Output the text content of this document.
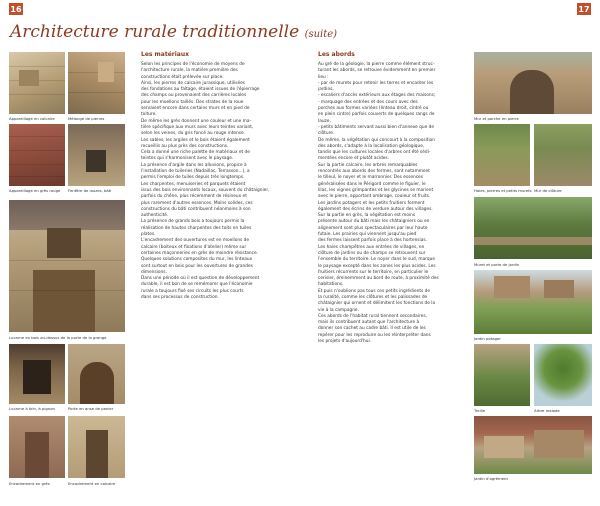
16	17
Architecture rurale traditionnelle (suite)
Appareillage en calcaire	Mélange de pierres
Appareillage en grès rouge Fenêtre de lauzes, bâti
Lucarne en bois au-dessus de la porte de la grange
Lucarne à foin, à pignon	Porte en anse de panier
Encadrement en grès	Encadrement en calcaire
Les matériaux

Selon les principes de l'économie de moyens de

l'architecture rurale, la matière première des

constructions était prélevée sur place.

Ainsi, les pierres de calcaire jurassique, utilisées

des fondations au faîtage, étaient issues de l'épierrage

des champs ou provenaient des carrières locales

pour les moellons taillés. Des strates de la roue

servaient encore dans certains murs et en pied de

toiture.

De même les grès donnent une couleur et une ma-

tière spécifique aux murs avec leurs teintes variant,

selon les veines, du gris foncé au rouge intense.

Les sables, les argiles et le bois étaient également

recueillis au plus près des constructions.

Cela a donné une riche palette de matériaux et de

teintes qui s'harmonisent avec le paysage.

La présence d'argile dans les alluvions, propice à

l'installation de tuileries (Nadaillac, Terrasson...), a

permis l'emploi de tuiles depuis très longtemps.

Les charpentes, menuiseries et parquets étaient

issus des bois environnants locaux, souvent du châtaignier,

parfois du chêne, plus récemment de résineux et

plus rarement d'autres essences. Moins solides, ces

constructions du bâti contribuent néanmoins à son

authenticité.

La présence de grands bois a toujours permis la

réalisation de hautes charpentes des toits en tuiles

plates.

L'encadrement des ouvertures est en moellons de

calcaire (boiteux et fixations d'atelier) même sur

certaines maçonneries en grès de moindre résistance.

Quelques solutions composites du mur, les linteaux

sont surtout en bois pour les ouvertures de grandes

dimensions.

Dans une période où il est question de développement

durable, il est bon de se remémorer que l'économie

rurale a toujours fixé ses circuits les plus courts

dans ses processus de construction.

Les abords

Au gré de la géologie, la pierre comme élément struc-

turant les abords, se retrouve évidemment en premier

lieu :

- par de murets pour retenir les terres et encadrer les

jardins,

- escaliers d'accès extérieurs aux étages des maisons;

- marquage des entrées et des cours avec des

porches aux formes variées (linteau droit, cintré ou

en plein cintre) parfois couverts de quelques rangs de

lauze,

- petits bâtiments servant aussi bien d'annexe que de

clôture.

De même, la végétation qui concourt à la composition

des abords, s'adapte à la localisation géologique,

tandis que les cultures locales d'arbres ont été sédi-

mentées encore et plutôt acides.

Sur la partie calcaire, les arbres remarquables

rencontrés aux abords des fermes, sont notamment

le tilleul, le noyer et le marronnier. Des essences

généralisées dans le Périgord comme le figuier, le

lilas, les vignes grimpantes et les glycines se marient

avec le pierre, apportant ombrage, couleur et fruits.

Les jardins potagers et les petits fruitiers forment

également des écrins de verdure autour des villages.

Sur la partie en grès, la végétation est moins

présente autour du bâti mais les châtaigniers ou en

alignement sont plus spectaculaires par leur haute

futaie. Les prairies qui viennent jusqu'au pied

des fermes laissent parfois place à des hortensias.

Les haies champêtres aux entrées de villages, en

clôture de jardins ou de champs se retrouvent sur

l'ensemble du territoire. Le noyer dans le sud, marque

le paysage excepté dans les zones les plus acides. Les

fruitiers récurrents sur le territoire, en particulier le

cerisier, éminemment au bord de route, à proximité des

habitations.

Et puis n'oublions pas tous ces petits ingrédients de

la ruralité, comme les clôtures et les palissades de

châtaignier qui ornent et délimitent les fonctions de la

vie à la campagne.

Ces abords de l'habitat rural tiennent secondaires,

mais ils contribuent autant que l'architecture à

donner son cachet au cadre bâti. Il est utile de les

repérer pour les reproduire ou les réinterpréter dans

les projets d'aujourd'hui.

Mur et porche en pierre
Haies, pierres et petits murets Mur de clôture
Muret et porte de jardin
Jardin potager
Treille	Arbre malade
Jardin d'agrément
